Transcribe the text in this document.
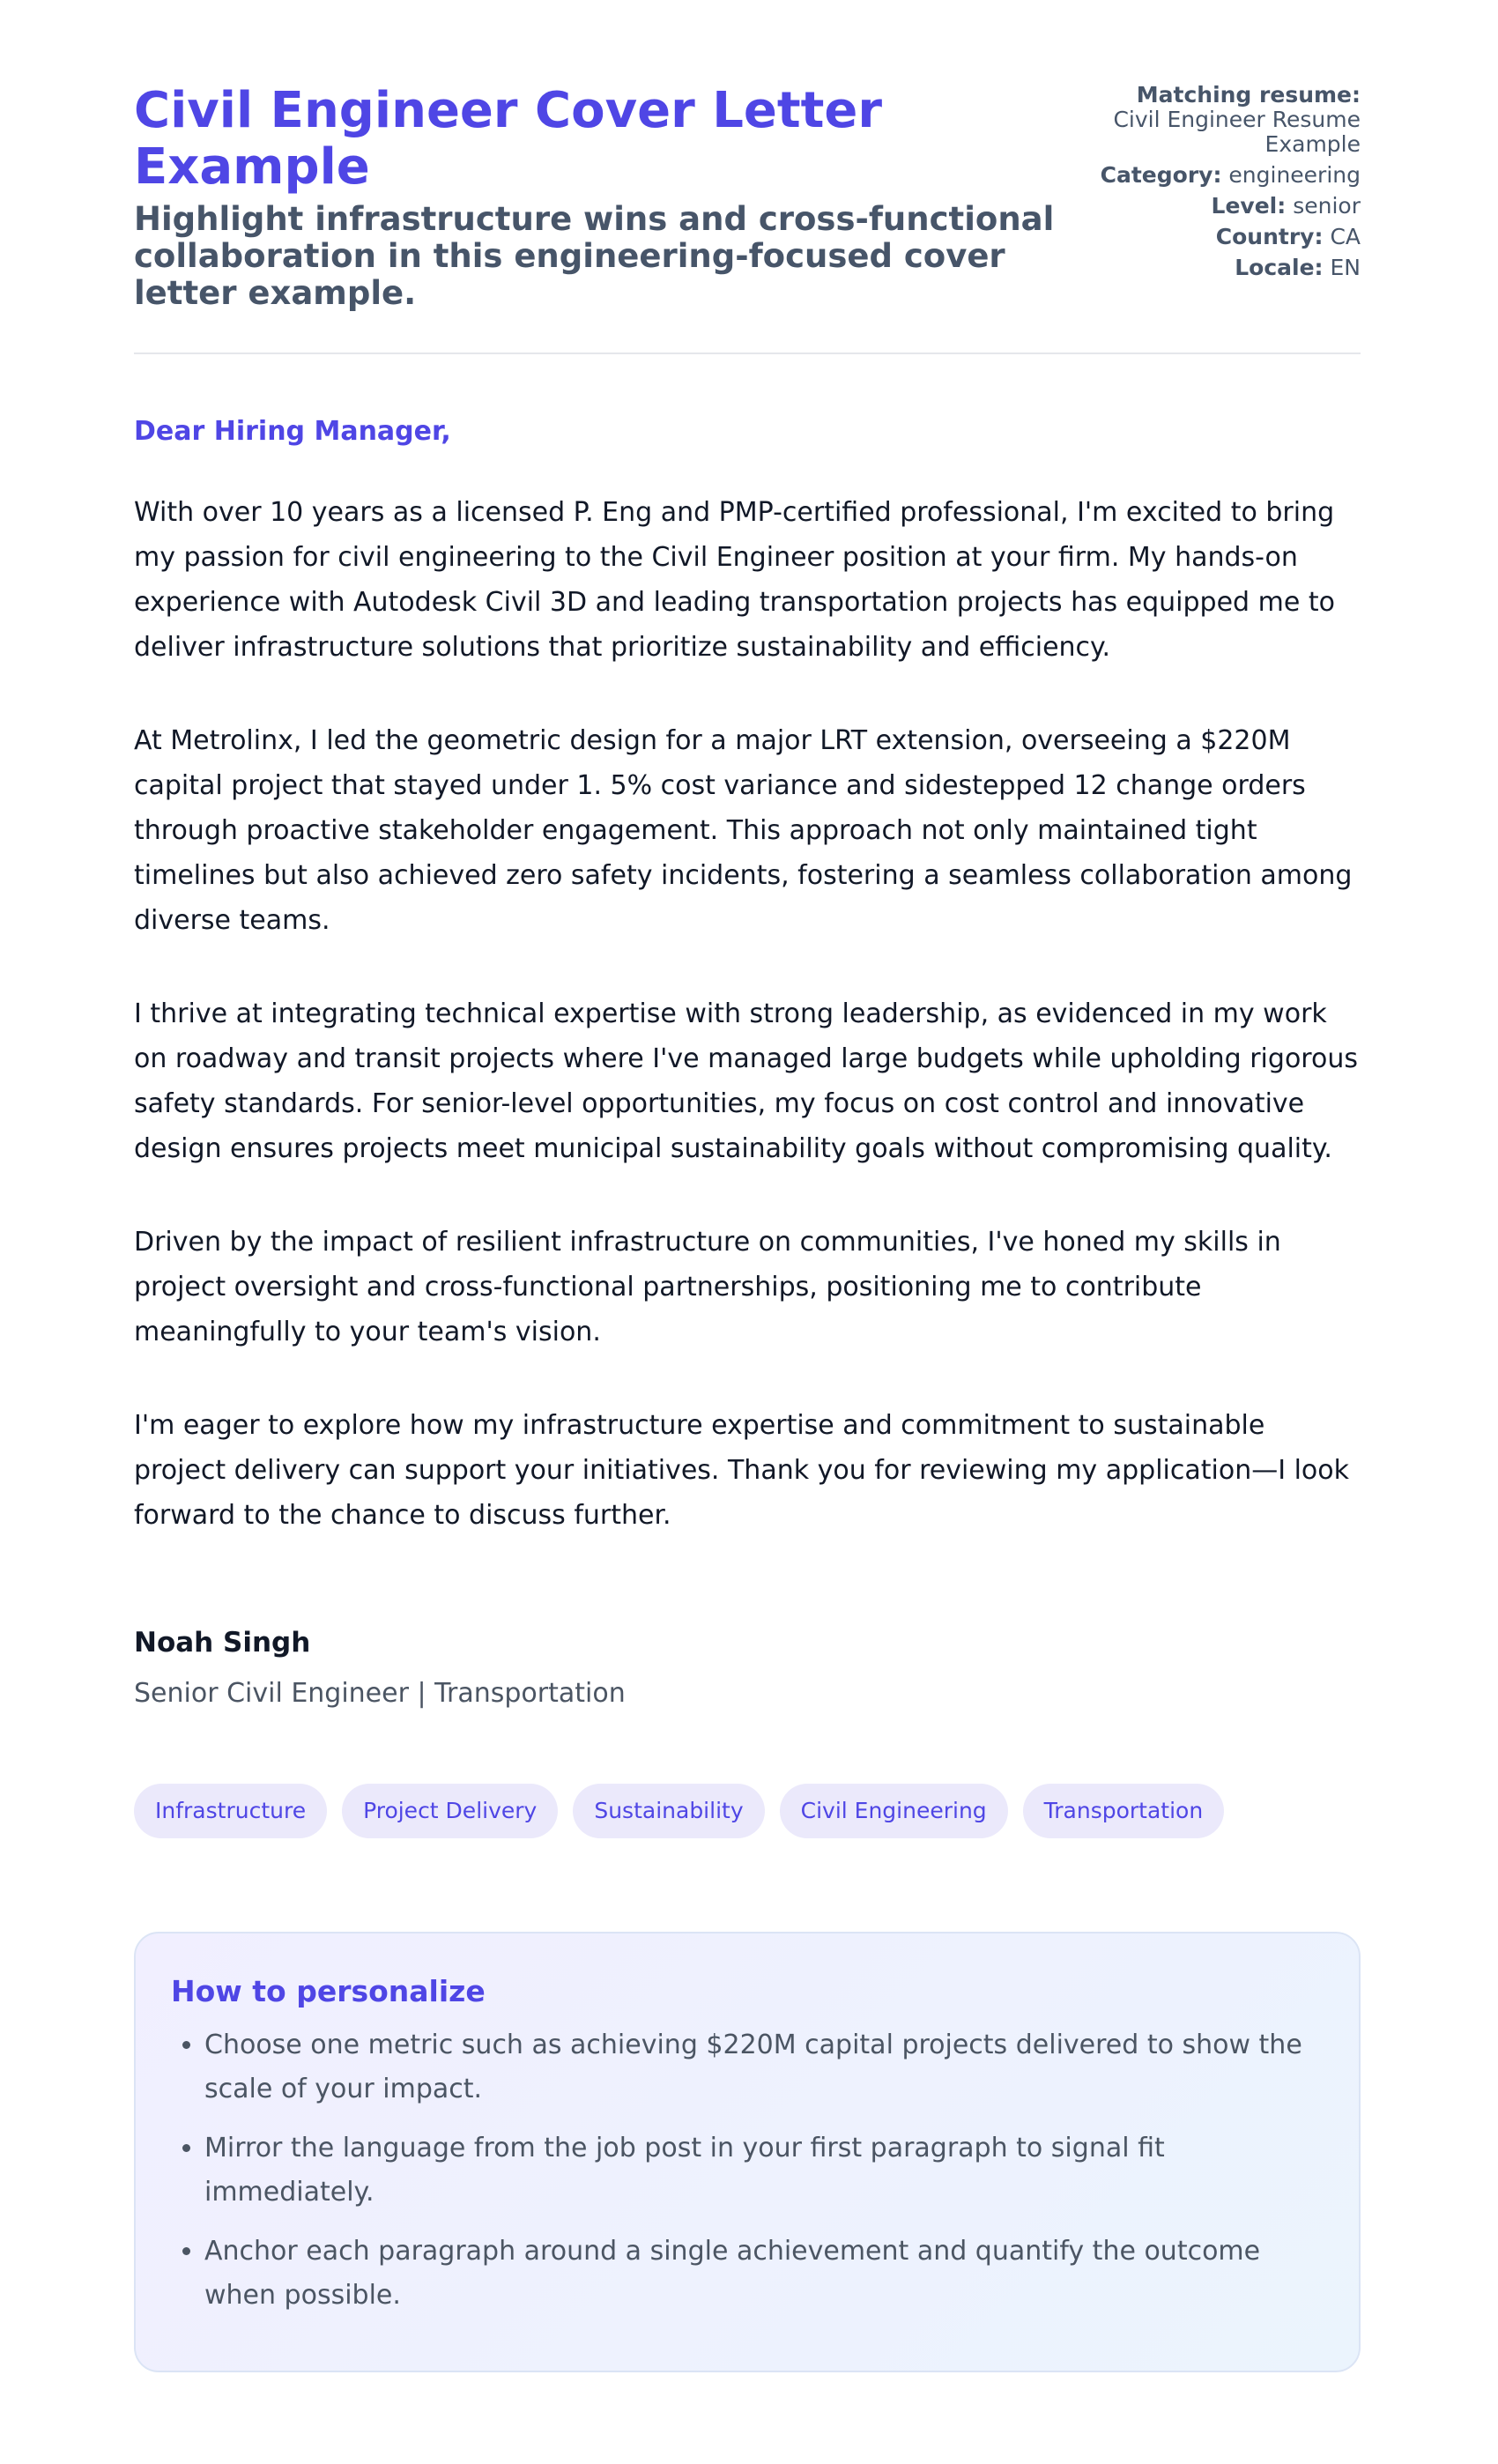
Civil Engineer Cover Letter Example

Highlight infrastructure wins and cross-functional collaboration in this engineering-focused cover letter example.

Matching resume:
Civil Engineer Resume Example
Category: engineering
Level: senior
Country: CA
Locale: EN

Dear Hiring Manager,

With over 10 years as a licensed P. Eng and PMP-certified professional, I'm excited to bring my passion for civil engineering to the Civil Engineer position at your firm. My hands-on experience with Autodesk Civil 3D and leading transportation projects has equipped me to deliver infrastructure solutions that prioritize sustainability and efficiency.

At Metrolinx, I led the geometric design for a major LRT extension, overseeing a $220M capital project that stayed under 1. 5% cost variance and sidestepped 12 change orders through proactive stakeholder engagement. This approach not only maintained tight timelines but also achieved zero safety incidents, fostering a seamless collaboration among diverse teams.

I thrive at integrating technical expertise with strong leadership, as evidenced in my work on roadway and transit projects where I've managed large budgets while upholding rigorous safety standards. For senior-level opportunities, my focus on cost control and innovative design ensures projects meet municipal sustainability goals without compromising quality.

Driven by the impact of resilient infrastructure on communities, I've honed my skills in project oversight and cross-functional partnerships, positioning me to contribute meaningfully to your team's vision.

I'm eager to explore how my infrastructure expertise and commitment to sustainable project delivery can support your initiatives. Thank you for reviewing my application—I look forward to the chance to discuss further.

Noah Singh

Senior Civil Engineer | Transportation

Infrastructure	Project Delivery	Sustainability	Civil Engineering	Transportation
How to personalize
• Choose one metric such as achieving $220M capital projects delivered to show the scale of your impact.
• Mirror the language from the job post in your first paragraph to signal fit immediately.
• Anchor each paragraph around a single achievement and quantify the outcome when possible.
